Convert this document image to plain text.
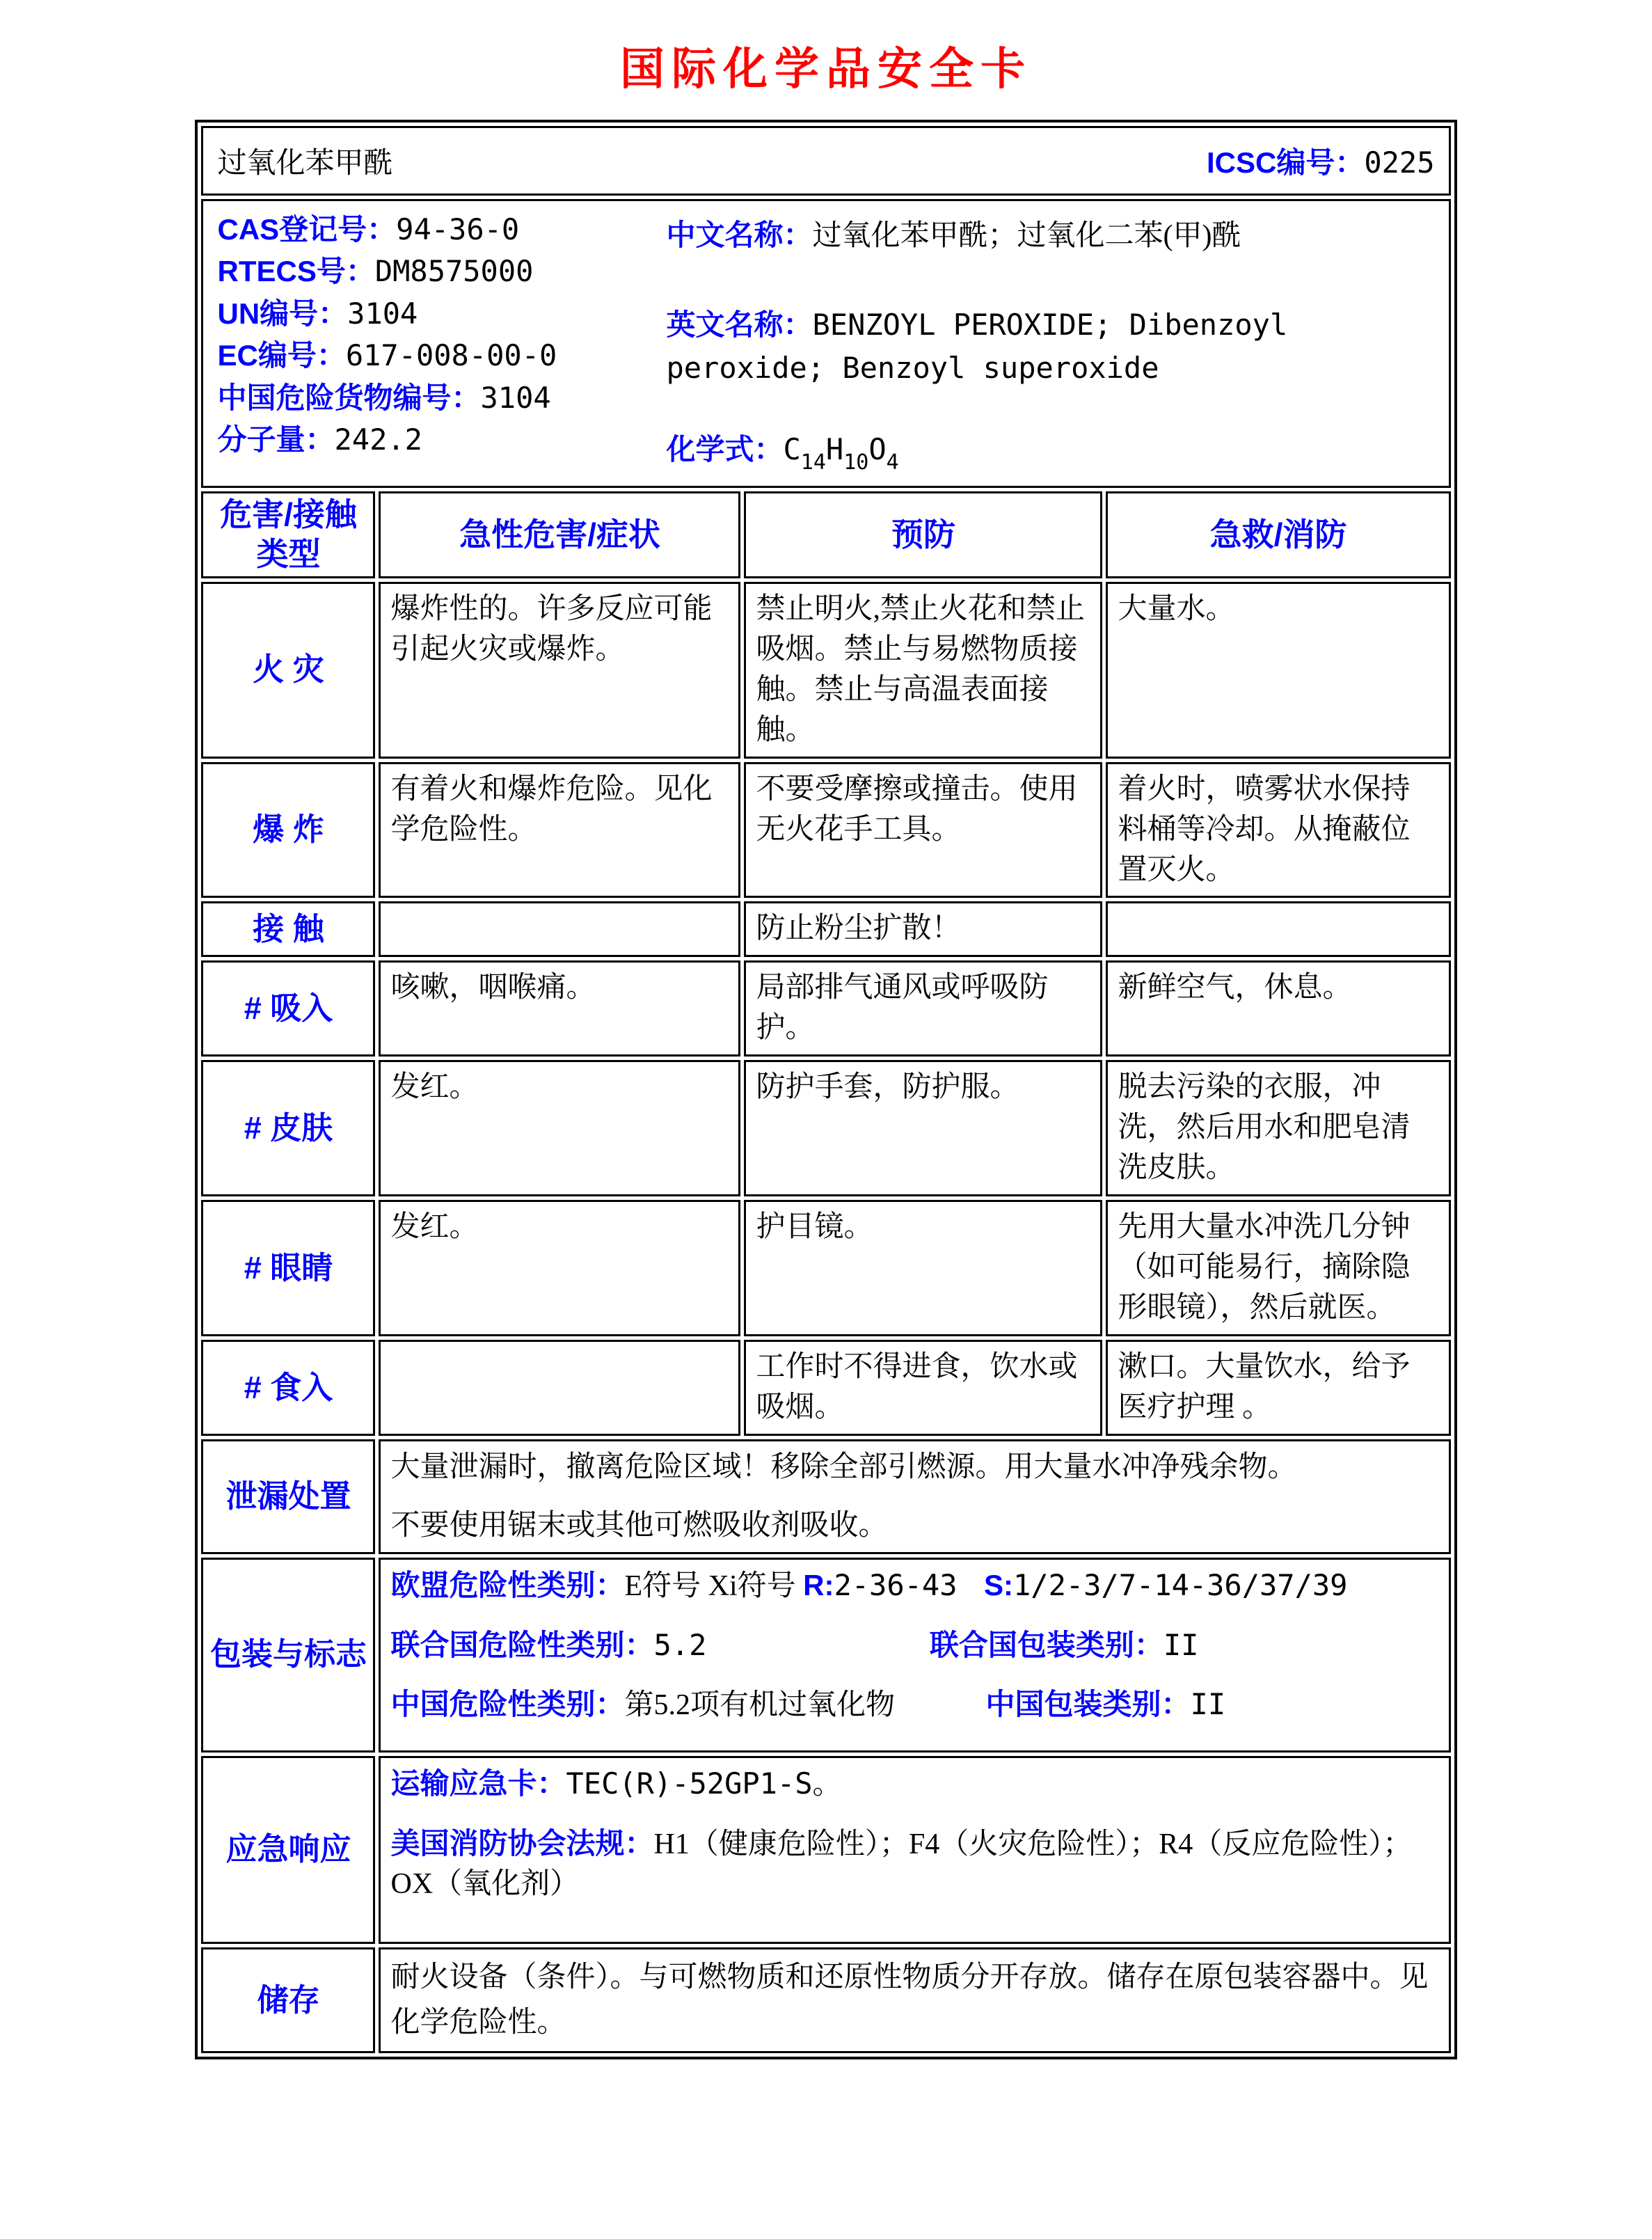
国际化学品安全卡
过氧化苯甲酰 ICSC编号：0225			

CAS登记号：94-36-0
RTECS号：DM8575000
UN编号：3104
EC编号：617-008-00-0
中国危险货物编号：3104
分子量：242.2
中文名称：过氧化苯甲酰；过氧化二苯(甲)酰
英文名称：BENZOYL PEROXIDE; Dibenzoyl peroxide; Benzoyl superoxide
化学式：$C_{14}H_{10}O_4$

危害/接触
类型	急性危害/症状	预防	急救/消防
火 灾	爆炸性的。许多反应可能引起火灾或爆炸。	禁止明火,禁止火花和禁止吸烟。禁止与易燃物质接触。禁止与高温表面接触。	大量水。
爆 炸	有着火和爆炸危险。见化学危险性。	不要受摩擦或撞击。使用无火花手工具。	着火时，喷雾状水保持料桶等冷却。从掩蔽位置灭火。
接 触		防止粉尘扩散！	
# 吸入	咳嗽，咽喉痛。	局部排气通风或呼吸防护。	新鲜空气，休息。
# 皮肤	发红。	防护手套，防护服。	脱去污染的衣服，冲洗，然后用水和肥皂清洗皮肤。
# 眼睛	发红。	护目镜。	先用大量水冲洗几分钟（如可能易行，摘除隐形眼镜），然后就医。
# 食入		工作时不得进食，饮水或吸烟。	漱口。大量饮水，给予医疗护理 。
泄漏处置	大量泄漏时，撤离危险区域！移除全部引燃源。用大量水冲净残余物。
不要使用锯末或其他可燃吸收剂吸收。		

包装与标志	欧盟危险性类别：E符号 Xi符号 R:2-36-43 S:1/2-3/7-14-36/37/39
联合国危险性类别：5.2 联合国包装类别：II
中国危险性类别：第5.2项有机过氧化物 中国包装类别：II		

应急响应	运输应急卡：TEC(R)-52GP1-S。
美国消防协会法规：H1（健康危险性）；F4（火灾危险性）；R4（反应危险性）；OX（氧化剂）		

储存	耐火设备（条件）。与可燃物质和还原性物质分开存放。储存在原包装容器中。见化学危险性。		
